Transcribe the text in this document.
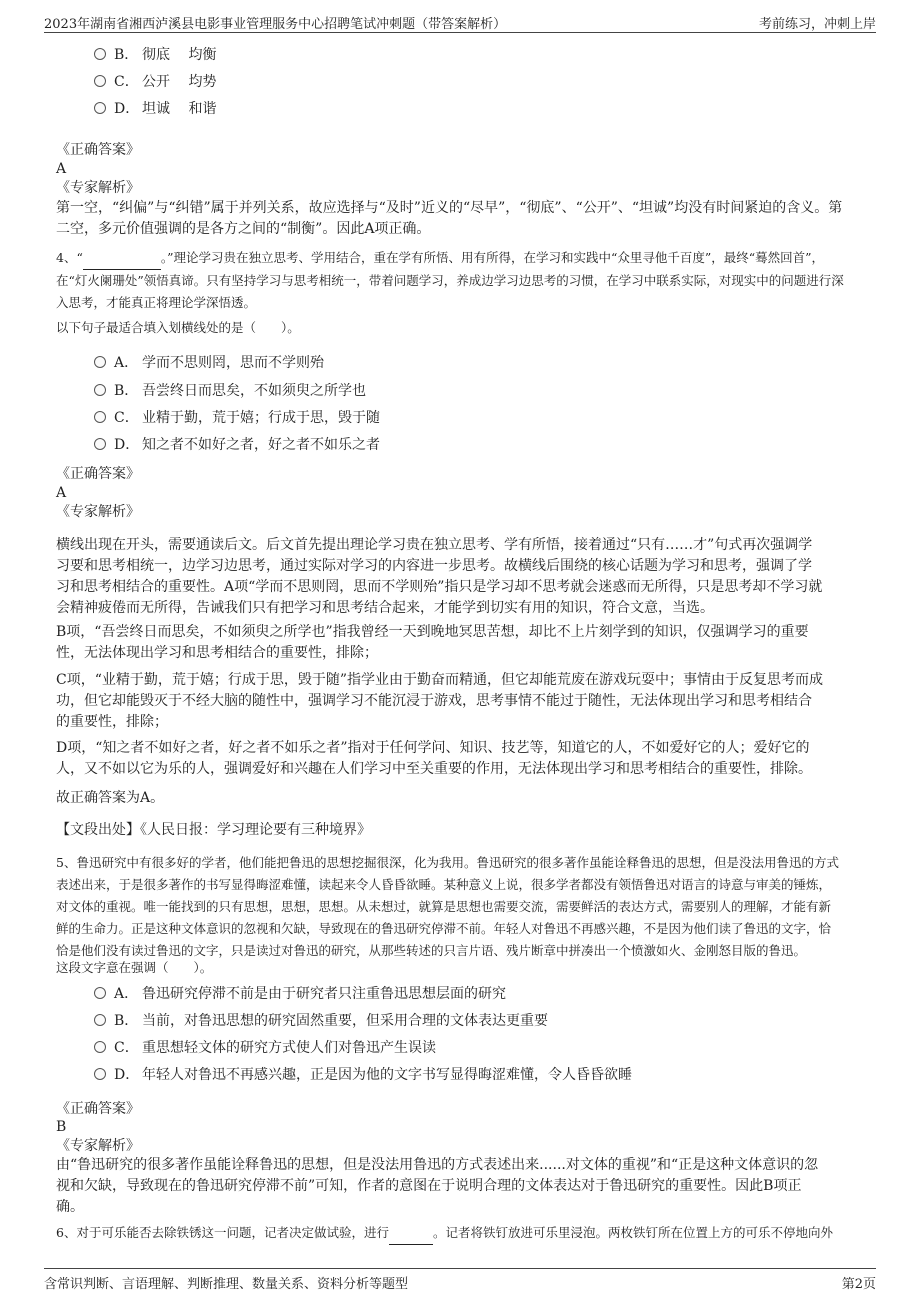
2023年湖南省湘西泸溪县电影事业管理服务中心招聘笔试冲刺题（带答案解析）	考前练习，冲刺上岸
B． 彻底　 均衡
C． 公开　 均势
D． 坦诚　 和谐
《正确答案》
A
《专家解析》
第一空，“纠偏”与“纠错”属于并列关系，故应选择与“及时”近义的“尽早”，“彻底”、“公开”、“坦诚”均没有时间紧迫的含义。第
二空，多元价值强调的是各方之间的“制衡”。因此A项正确。
4、“	。”理论学习贵在独立思考、学用结合，重在学有所悟、用有所得，在学习和实践中“众里寻他千百度”，最终“蓦然回首”，
在“灯火阑珊处”领悟真谛。只有坚持学习与思考相统一，带着问题学习，养成边学习边思考的习惯，在学习中联系实际，对现实中的问题进行深
入思考，才能真正将理论学深悟透。
以下句子最适合填入划横线处的是（　　）。
A． 学而不思则罔，思而不学则殆
B． 吾尝终日而思矣，不如须臾之所学也
C． 业精于勤，荒于嬉；行成于思，毁于随
D． 知之者不如好之者，好之者不如乐之者
《正确答案》
A
《专家解析》
横线出现在开头，需要通读后文。后文首先提出理论学习贵在独立思考、学有所悟，接着通过“只有……才”句式再次强调学
习要和思考相统一，边学习边思考，通过实际对学习的内容进一步思考。故横线后围绕的核心话题为学习和思考，强调了学
习和思考相结合的重要性。A项“学而不思则罔，思而不学则殆”指只是学习却不思考就会迷惑而无所得，只是思考却不学习就
会精神疲倦而无所得，告诫我们只有把学习和思考结合起来，才能学到切实有用的知识，符合文意，当选。
B项，“吾尝终日而思矣，不如须臾之所学也”指我曾经一天到晚地冥思苦想，却比不上片刻学到的知识，仅强调学习的重要
性，无法体现出学习和思考相结合的重要性，排除；
C项，“业精于勤，荒于嬉；行成于思，毁于随”指学业由于勤奋而精通，但它却能荒废在游戏玩耍中；事情由于反复思考而成
功，但它却能毁灭于不经大脑的随性中，强调学习不能沉浸于游戏，思考事情不能过于随性，无法体现出学习和思考相结合
的重要性，排除；
D项，“知之者不如好之者，好之者不如乐之者”指对于任何学问、知识、技艺等，知道它的人，不如爱好它的人；爱好它的
人，又不如以它为乐的人，强调爱好和兴趣在人们学习中至关重要的作用，无法体现出学习和思考相结合的重要性，排除。
故正确答案为A。
【文段出处】《人民日报：学习理论要有三种境界》
5、鲁迅研究中有很多好的学者，他们能把鲁迅的思想挖掘很深，化为我用。鲁迅研究的很多著作虽能诠释鲁迅的思想，但是没法用鲁迅的方式
表述出来，于是很多著作的书写显得晦涩难懂，读起来令人昏昏欲睡。某种意义上说，很多学者都没有领悟鲁迅对语言的诗意与审美的锤炼，
对文体的重视。唯一能找到的只有思想，思想，思想。从未想过，就算是思想也需要交流，需要鲜活的表达方式，需要别人的理解，才能有新
鲜的生命力。正是这种文体意识的忽视和欠缺，导致现在的鲁迅研究停滞不前。年轻人对鲁迅不再感兴趣，不是因为他们读了鲁迅的文字，恰
恰是他们没有读过鲁迅的文字，只是读过对鲁迅的研究，从那些转述的只言片语、残片断章中拼凑出一个愤激如火、金刚怒目版的鲁迅。
这段文字意在强调（　　）。
A． 鲁迅研究停滞不前是由于研究者只注重鲁迅思想层面的研究
B． 当前，对鲁迅思想的研究固然重要，但采用合理的文体表达更重要
C． 重思想轻文体的研究方式使人们对鲁迅产生误读
D． 年轻人对鲁迅不再感兴趣，正是因为他的文字书写显得晦涩难懂，令人昏昏欲睡
《正确答案》
B
《专家解析》
由“鲁迅研究的很多著作虽能诠释鲁迅的思想，但是没法用鲁迅的方式表述出来......对文体的重视”和“正是这种文体意识的忽
视和欠缺，导致现在的鲁迅研究停滞不前”可知，作者的意图在于说明合理的文体表达对于鲁迅研究的重要性。因此B项正
确。
6、对于可乐能否去除铁锈这一问题，记者决定做试验，进行	。记者将铁钉放进可乐里浸泡。两枚铁钉所在位置上方的可乐不停地向外
含常识判断、言语理解、判断推理、数量关系、资料分析等题型	第2页
